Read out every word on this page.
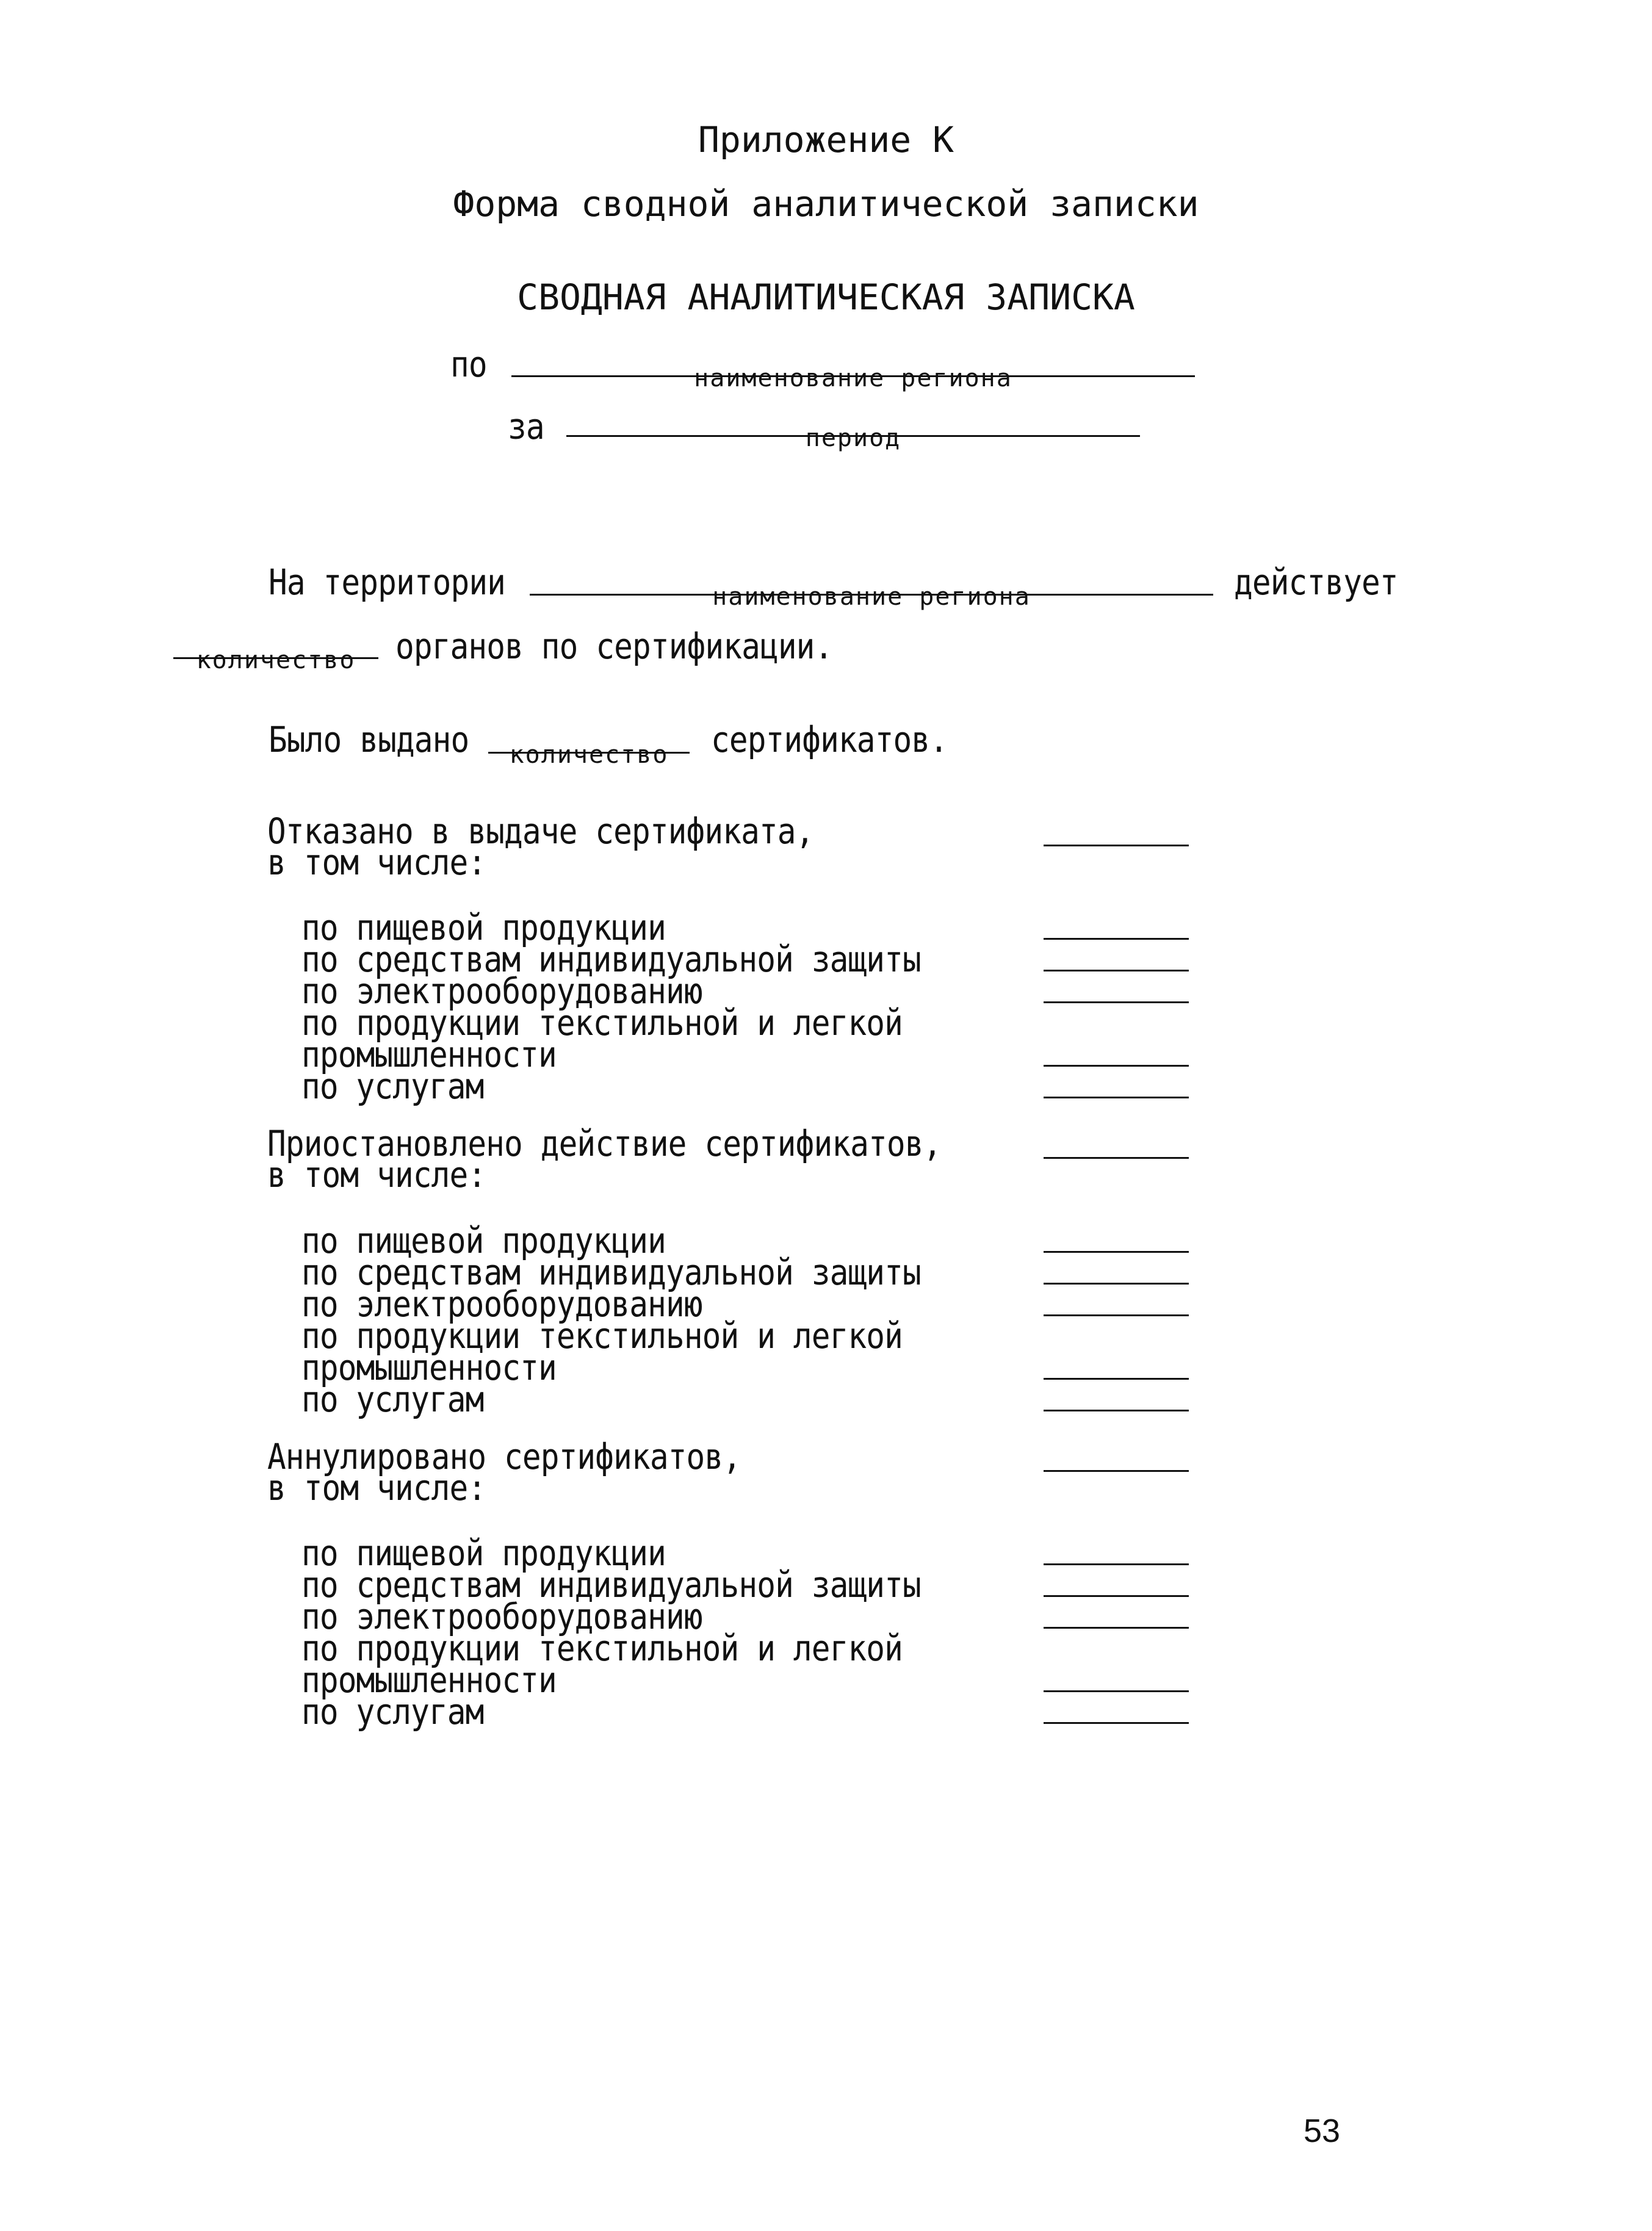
Приложение К
Форма сводной аналитической записки
СВОДНАЯ АНАЛИТИЧЕСКАЯ ЗАПИСКА
по	наименование региона
за	период
На территории	наименование региона	действует
количество	органов по сертификации.
Было выдано	количество	сертификатов.
Отказано в выдаче сертификата,
в том числе:
по пищевой продукции
по средствам индивидуальной защиты
по электрооборудованию
по продукции текстильной и легкой
промышленности
по услугам
Приостановлено действие сертификатов,
в том числе:
по пищевой продукции
по средствам индивидуальной защиты
по электрооборудованию
по продукции текстильной и легкой
промышленности
по услугам
Аннулировано сертификатов,
в том числе:
по пищевой продукции
по средствам индивидуальной защиты
по электрооборудованию
по продукции текстильной и легкой
промышленности
по услугам
53
